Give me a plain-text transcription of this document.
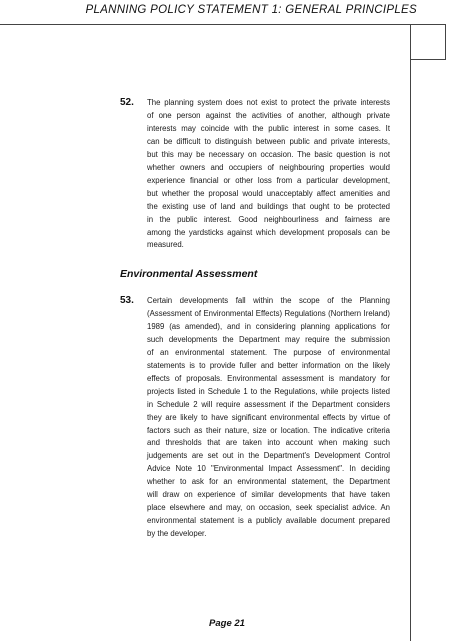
PLANNING POLICY STATEMENT 1: GENERAL PRINCIPLES
52. The planning system does not exist to protect the private interests
of one person against the activities of another, although private
interests may coincide with the public interest in some cases. It
can be difficult to distinguish between public and private interests,
but this may be necessary on occasion. The basic question is not
whether owners and occupiers of neighbouring properties would
experience financial or other loss from a particular development,
but whether the proposal would unacceptably affect amenities and
the existing use of land and buildings that ought to be protected
in the public interest. Good neighbourliness and fairness are
among the yardsticks against which development proposals can be
measured.

Environmental Assessment
53. Certain developments fall within the scope of the Planning
(Assessment of Environmental Effects) Regulations (Northern Ireland)
1989 (as amended), and in considering planning applications for
such developments the Department may require the submission
of an environmental statement. The purpose of environmental
statements is to provide fuller and better information on the likely
effects of proposals. Environmental assessment is mandatory for
projects listed in Schedule 1 to the Regulations, while projects listed
in Schedule 2 will require assessment if the Department considers
they are likely to have significant environmental effects by virtue of
factors such as their nature, size or location. The indicative criteria
and thresholds that are taken into account when making such
judgements are set out in the Department's Development Control
Advice Note 10 "Environmental Impact Assessment". In deciding
whether to ask for an environmental statement, the Department
will draw on experience of similar developments that have taken
place elsewhere and may, on occasion, seek specialist advice. An
environmental statement is a publicly available document prepared
by the developer.

Page 21
